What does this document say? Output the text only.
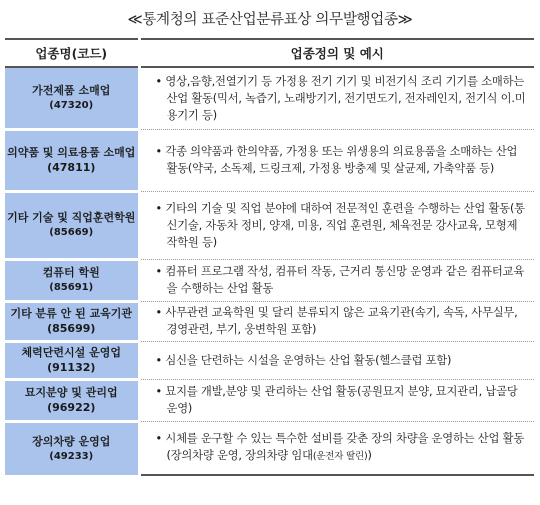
≪통계청의 표준산업분류표상 의무발행업종≫
업종명(코드)	업종정의 및 예시
가전제품 소매업
(47320)	• 영상,음향,전열기기 등 가정용 전기 기기 및 비전기식 조리 기기를 소매하는 산업 활동(믹서, 녹즙기, 노래방기기, 전기면도기, 전자레인지, 전기식 이.미용기기 등)
의약품 및 의료용품 소매업(47811)	• 각종 의약품과 한의약품, 가정용 또는 위생용의 의료용품을 소매하는 산업 활동(약국, 소독제, 드링크제, 가정용 방충제 및 살균제, 가축약품 등)
기타 기술 및 직업훈련학원
(85669)	• 기타의 기술 및 직업 분야에 대하여 전문적인 훈련을 수행하는 산업 활동(통신기술, 자동차 정비, 양재, 미용, 직업 훈련원, 체육전문 강사교육, 모형제작학원 등)
컴퓨터 학원
(85691)	• 컴퓨터 프로그램 작성, 컴퓨터 작동, 근거리 통신망 운영과 같은 컴퓨터교육을 수행하는 산업 활동
기타 분류 안 된 교육기관 (85699)	• 사무관련 교육학원 및 달리 분류되지 않은 교육기관(속기, 속독, 사무실무, 경영관련, 부기, 웅변학원 포함)
체력단련시설 운영업(91132)	• 심신을 단련하는 시설을 운영하는 산업 활동(헬스클럽 포함)
묘지분양 및 관리업(96922)	• 묘지를 개발,분양 및 관리하는 산업 활동(공원묘지 분양, 묘지관리, 납골당 운영)
장의차량 운영업
(49233)	• 시체를 운구할 수 있는 특수한 설비를 갖춘 장의 차량을 운영하는 산업 활동(장의차량 운영, 장의차량 임대(운전자 딸린))
